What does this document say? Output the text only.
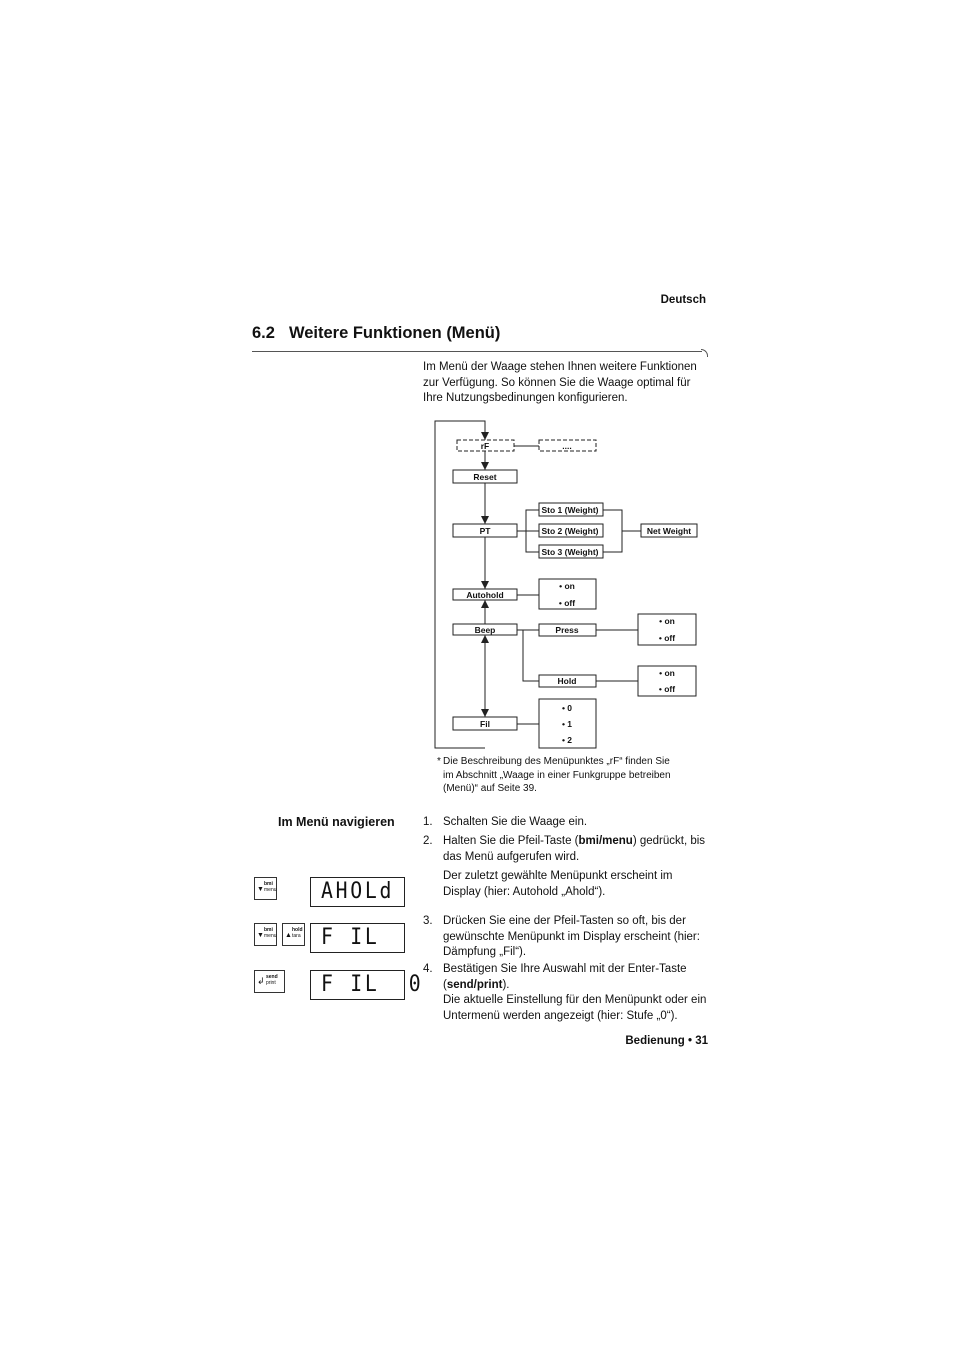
Deutsch
6.2 Weitere Funktionen (Menü)

Im Menü der Waage stehen Ihnen weitere Funktionen zur Verfügung. So können Sie die Waage optimal für Ihre Nutzungsbedinungen konfigurieren.

rF	....
Reset
PT
Sto 1 (Weight)
Sto 2 (Weight)
Sto 3 (Weight)
Net Weight
Autohold
• on
• off
Beep	Press
• on
• off
Hold
• on
• off
Fil
• 0
• 1
• 2
* Die Beschreibung des Menüpunktes „rF“ finden Sie
im Abschnitt „Waage in einer Funkgruppe betreiben
(Menü)“ auf Seite 39.
Im Menü navigieren 1. Schalten Sie die Waage ein.
2. Halten Sie die Pfeil-Taste (bmi/menu) gedrückt, bis das Menü aufgerufen wird.
Der zuletzt gewählte Menüpunkt erscheint im Display (hier: Autohold „Ahold“).
3. Drücken Sie eine der Pfeil-Tasten so oft, bis der gewünschte Menüpunkt im Display erscheint (hier: Dämpfung „Fil“).
4. Bestätigen Sie Ihre Auswahl mit der Enter-Taste (send/print).
Die aktuelle Einstellung für den Menüpunkt oder ein Untermenü werden angezeigt (hier: Stufe „0“).
▼
bmi
menu AHOLd
▼
bmi
menu ▲
hold
tara F IL
↲ send
print F IL  0
Bedienung • 31
